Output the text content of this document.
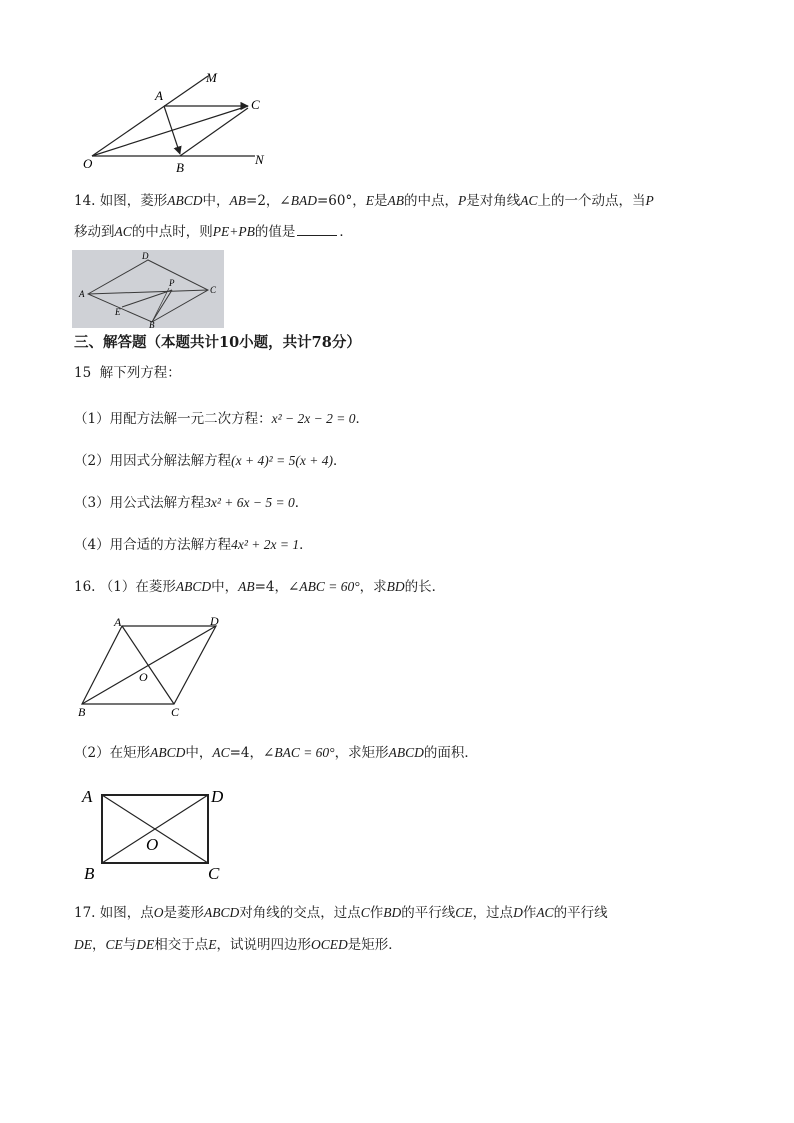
O
A
M
C
B
N
14. 如图，菱形ABCD中，AB=2，∠BAD=60°，E是AB的中点，P是对角线AC上的一个动点，当P
移动到AC的中点时，则PE+PB的值是	．
D
A	C
P
E
B
三、解答题（本题共计10小题，共计78分）
15 解下列方程：
（1）用配方法解一元二次方程：x² − 2x − 2 = 0．
（2）用因式分解法解方程(x + 4)² = 5(x + 4)．
（3）用公式法解方程3x² + 6x − 5 = 0．
（4）用合适的方法解方程4x² + 2x = 1．
16. （1）在菱形ABCD中，AB=4，∠ABC = 60°，求BD的长．
A	D
O
B	C
（2）在矩形ABCD中，AC=4，∠BAC = 60°，求矩形ABCD的面积．
A	D
O
B	C
17. 如图，点O是菱形ABCD对角线的交点，过点C作BD的平行线CE，过点D作AC的平行线
DE，CE与DE相交于点E，试说明四边形OCED是矩形．
